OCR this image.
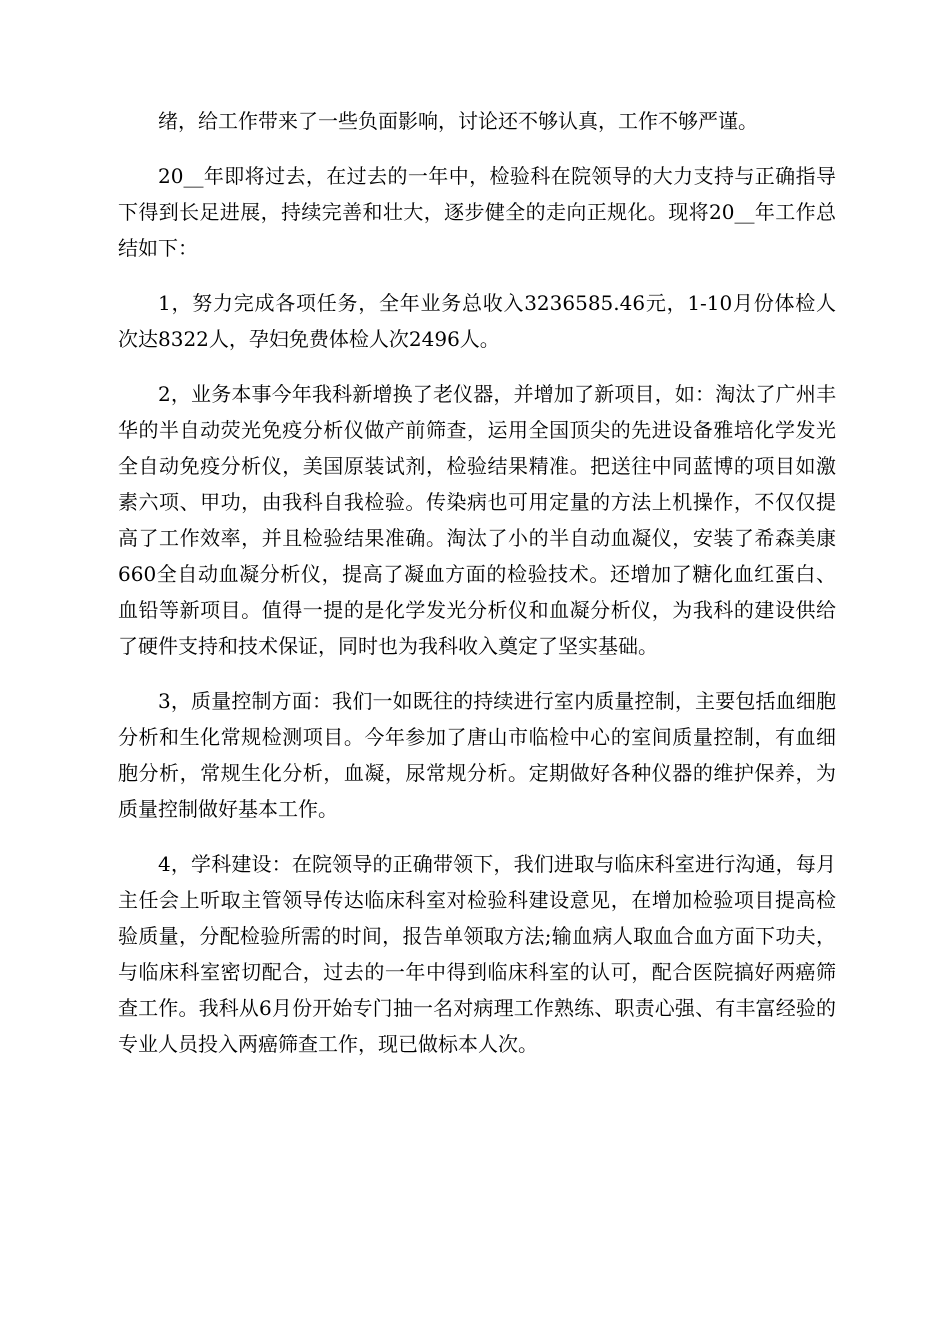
绪，给工作带来了一些负面影响，讨论还不够认真，工作不够严谨。

20__年即将过去，在过去的一年中，检验科在院领导的大力支持与正确指导下得到长足进展，持续完善和壮大，逐步健全的走向正规化。现将20__年工作总结如下：

1，努力完成各项任务，全年业务总收入3236585.46元，1-10月份体检人次达8322人，孕妇免费体检人次2496人。

2，业务本事今年我科新增换了老仪器，并增加了新项目，如：淘汰了广州丰华的半自动荧光免疫分析仪做产前筛查，运用全国顶尖的先进设备雅培化学发光全自动免疫分析仪，美国原装试剂，检验结果精准。把送往中同蓝博的项目如激素六项、甲功，由我科自我检验。传染病也可用定量的方法上机操作，不仅仅提高了工作效率，并且检验结果准确。淘汰了小的半自动血凝仪，安装了希森美康660全自动血凝分析仪，提高了凝血方面的检验技术。还增加了糖化血红蛋白、血铅等新项目。值得一提的是化学发光分析仪和血凝分析仪，为我科的建设供给了硬件支持和技术保证，同时也为我科收入奠定了坚实基础。

3，质量控制方面：我们一如既往的持续进行室内质量控制，主要包括血细胞分析和生化常规检测项目。今年参加了唐山市临检中心的室间质量控制，有血细胞分析，常规生化分析，血凝，尿常规分析。定期做好各种仪器的维护保养，为质量控制做好基本工作。

4，学科建设：在院领导的正确带领下，我们进取与临床科室进行沟通，每月主任会上听取主管领导传达临床科室对检验科建设意见，在增加检验项目提高检验质量，分配检验所需的时间，报告单领取方法;输血病人取血合血方面下功夫，与临床科室密切配合，过去的一年中得到临床科室的认可，配合医院搞好两癌筛查工作。我科从6月份开始专门抽一名对病理工作熟练、职责心强、有丰富经验的专业人员投入两癌筛查工作，现已做标本人次。
